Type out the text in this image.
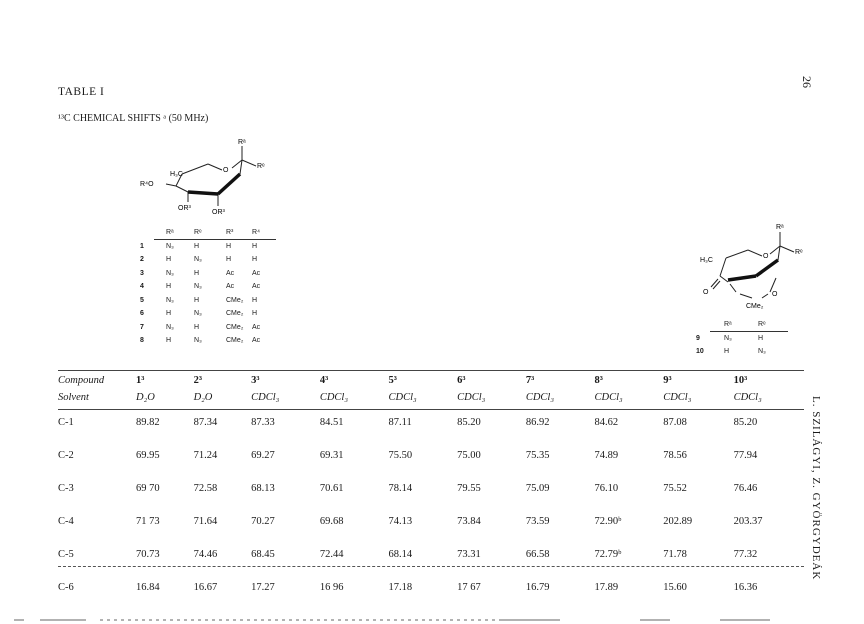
TABLE I
¹³C CHEMICAL SHIFTS ᵃ (50 MHz)
26
L. SZILÁGYI, Z. GYÖRGYDEÁK
Rᵃ
Rᵉ
H₃C
O
R⁴O
OR³
OR³
	Rᵃ	Rᵉ	R³	R⁴
1	N₃	H	H	H
2	H	N₃	H	H
3	N₃	H	Ac	Ac
4	H	N₃	Ac	Ac
5	N₃	H	CMe₂	H
6	H	N₃	CMe₂	H
7	N₃	H	CMe₂	Ac
8	H	N₃	CMe₂	Ac
Rᵃ
Rᵉ
H₃C
O
O	O
CMe₂
	Rᵃ	Rᵉ
9	N₃	H
10	H	N₃
Compound	1³	2³	3³	4³	5³	6³	7³	8³	9³	10³
Solvent	D₂O	D₂O	CDCl₃	CDCl₃	CDCl₃	CDCl₃	CDCl₃	CDCl₃	CDCl₃	CDCl₃
C-1	89.82	87.34	87.33	84.51	87.11	85.20	86.92	84.62	87.08	85.20
C-2	69.95	71.24	69.27	69.31	75.50	75.00	75.35	74.89	78.56	77.94
C-3	69 70	72.58	68.13	70.61	78.14	79.55	75.09	76.10	75.52	76.46
C-4	71 73	71.64	70.27	69.68	74.13	73.84	73.59	72.90ᵇ	202.89	203.37
C-5	70.73	74.46	68.45	72.44	68.14	73.31	66.58	72.79ᵇ	71.78	77.32
C-6	16.84	16.67	17.27	16 96	17.18	17 67	16.79	17.89	15.60	16.36
